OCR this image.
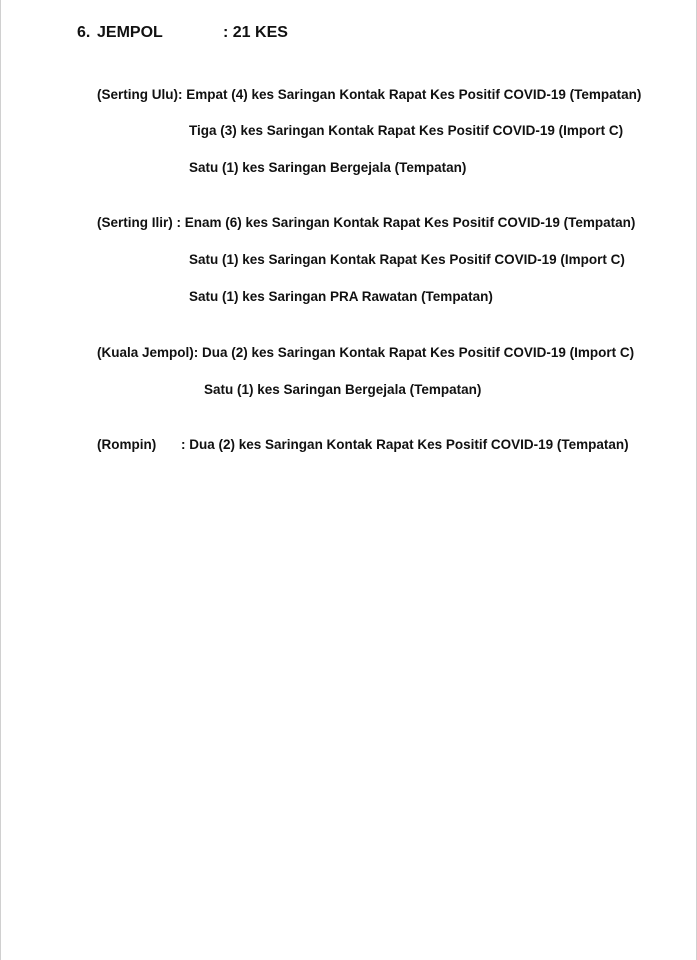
6. JEMPOL	: 21 KES
(Serting Ulu): Empat (4) kes Saringan Kontak Rapat Kes Positif COVID-19 (Tempatan)
Tiga (3) kes Saringan Kontak Rapat Kes Positif COVID-19 (Import C)
Satu (1) kes Saringan Bergejala (Tempatan)
(Serting Ilir) : Enam (6) kes Saringan Kontak Rapat Kes Positif COVID-19 (Tempatan)
Satu (1) kes Saringan Kontak Rapat Kes Positif COVID-19 (Import C)
Satu (1) kes Saringan PRA Rawatan (Tempatan)
(Kuala Jempol): Dua (2) kes Saringan Kontak Rapat Kes Positif COVID-19 (Import C)
Satu (1) kes Saringan Bergejala (Tempatan)
(Rompin) : Dua (2) kes Saringan Kontak Rapat Kes Positif COVID-19 (Tempatan)
